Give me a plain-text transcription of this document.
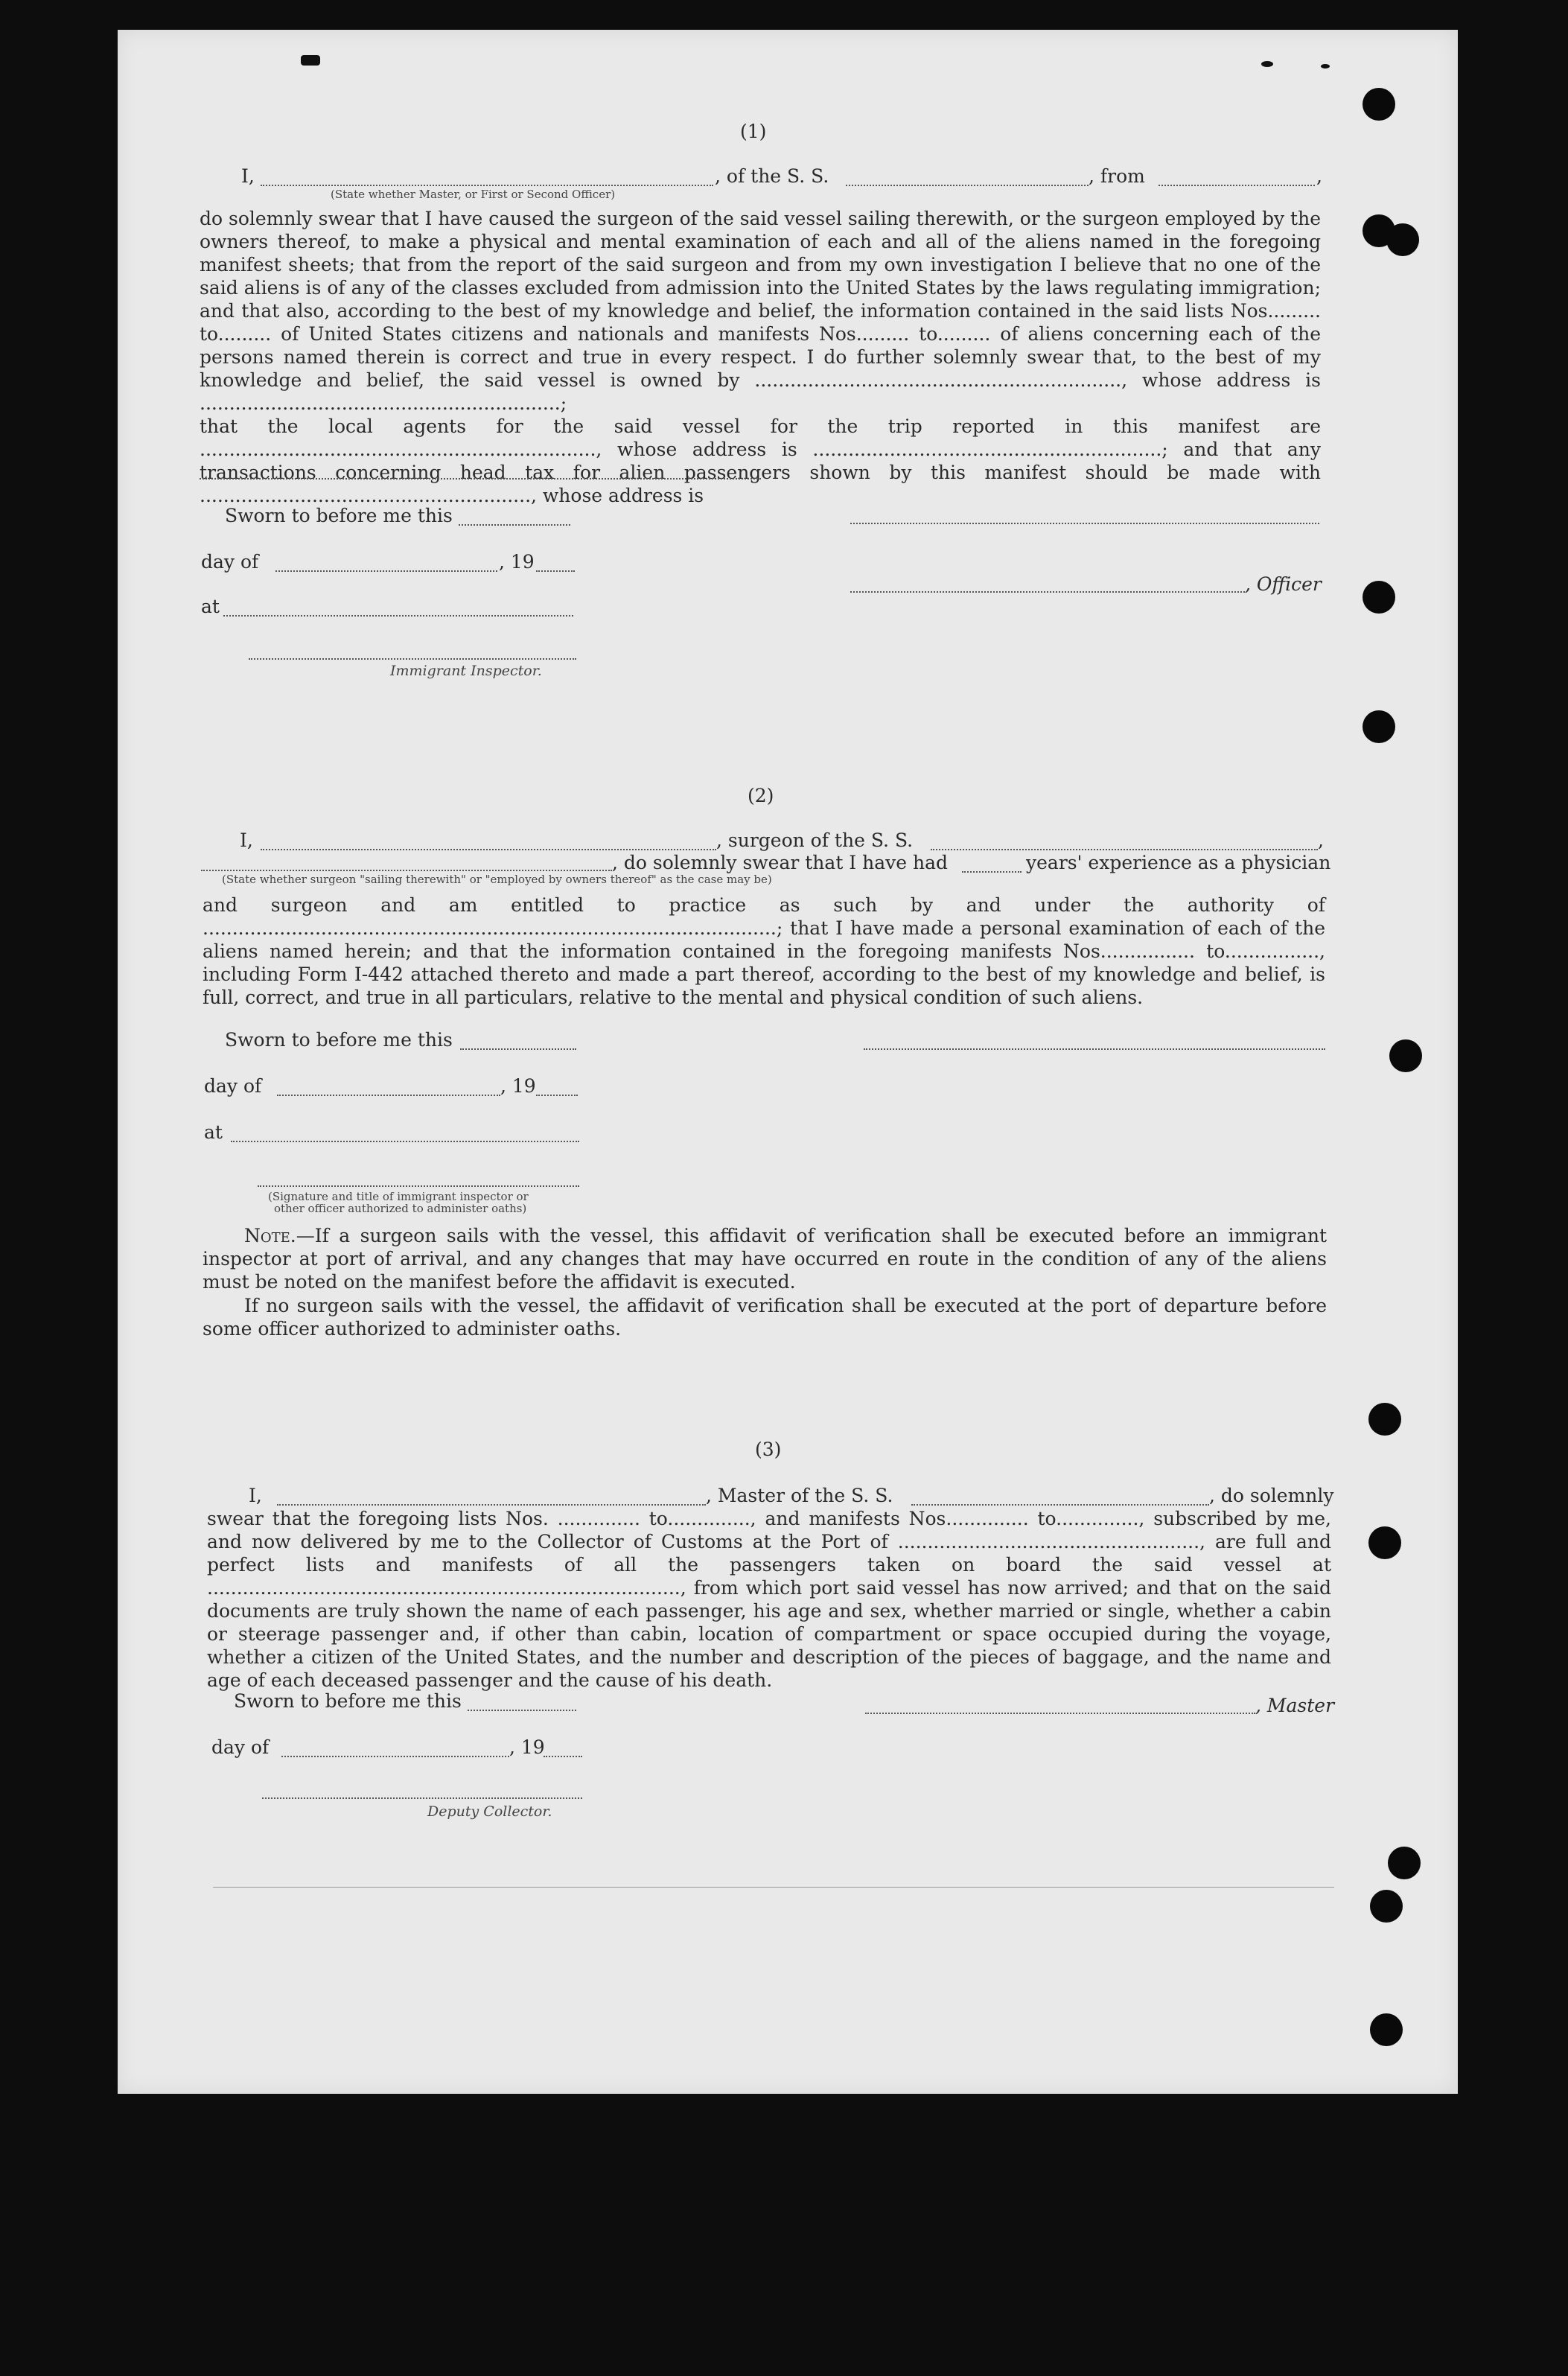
(1)
I,	, of the S. S.	, from	,
(State whether Master, or First or Second Officer)

do solemnly swear that I have caused the surgeon of the said vessel sailing therewith, or the surgeon employed by the owners thereof, to make a physical and mental examination of each and all of the aliens named in the foregoing manifest sheets; that from the report of the said surgeon and from my own investigation I believe that no one of the said aliens is of any of the classes excluded from admission into the United States by the laws regulating immigration; and that also, according to the best of my knowledge and belief, the information contained in the said lists Nos......... to......... of United States citizens and nationals and manifests Nos......... to......... of aliens concerning each of the persons named therein is correct and true in every respect. I do further solemnly swear that, to the best of my knowledge and belief, the said vessel is owned by .............................................................., whose address is .............................................................;

that the local agents for the said vessel for the trip reported in this manifest are ..................................................................., whose address is ...........................................................; and that any transactions concerning head tax for alien passengers shown by this manifest should be made with ........................................................, whose address is

Sworn to before me this
day of	, 19
, Officer
at
Immigrant Inspector.
(2)
I,	, surgeon of the S. S.	,
, do solemnly swear that I have had	years' experience as a physician
(State whether surgeon "sailing therewith" or "employed by owners thereof" as the case may be)
and surgeon and am entitled to practice as such by and under the authority of .................................................................................................; that I have made a personal examination of each of the aliens named herein; and that the information contained in the foregoing manifests Nos................ to................, including Form I-442 attached thereto and made a part thereof, according to the best of my knowledge and belief, is full, correct, and true in all particulars, relative to the mental and physical condition of such aliens.
Sworn to before me this
day of	, 19
at
(Signature and title of immigrant inspector or
other officer authorized to administer oaths)
Note.—If a surgeon sails with the vessel, this affidavit of verification shall be executed before an immigrant inspector at port of arrival, and any changes that may have occurred en route in the condition of any of the aliens must be noted on the manifest before the affidavit is executed.
If no surgeon sails with the vessel, the affidavit of verification shall be executed at the port of departure before some officer authorized to administer oaths.
(3)
I,	, Master of the S. S.	, do solemnly
swear that the foregoing lists Nos. .............. to.............., and manifests Nos.............. to.............., subscribed by me, and now delivered by me to the Collector of Customs at the Port of ..................................................., are full and perfect lists and manifests of all the passengers taken on board the said vessel at ................................................................................, from which port said vessel has now arrived; and that on the said documents are truly shown the name of each passenger, his age and sex, whether married or single, whether a cabin or steerage passenger and, if other than cabin, location of compartment or space occupied during the voyage, whether a citizen of the United States, and the number and description of the pieces of baggage, and the name and age of each deceased passenger and the cause of his death.
Sworn to before me this	, Master
day of	, 19
Deputy Collector.
